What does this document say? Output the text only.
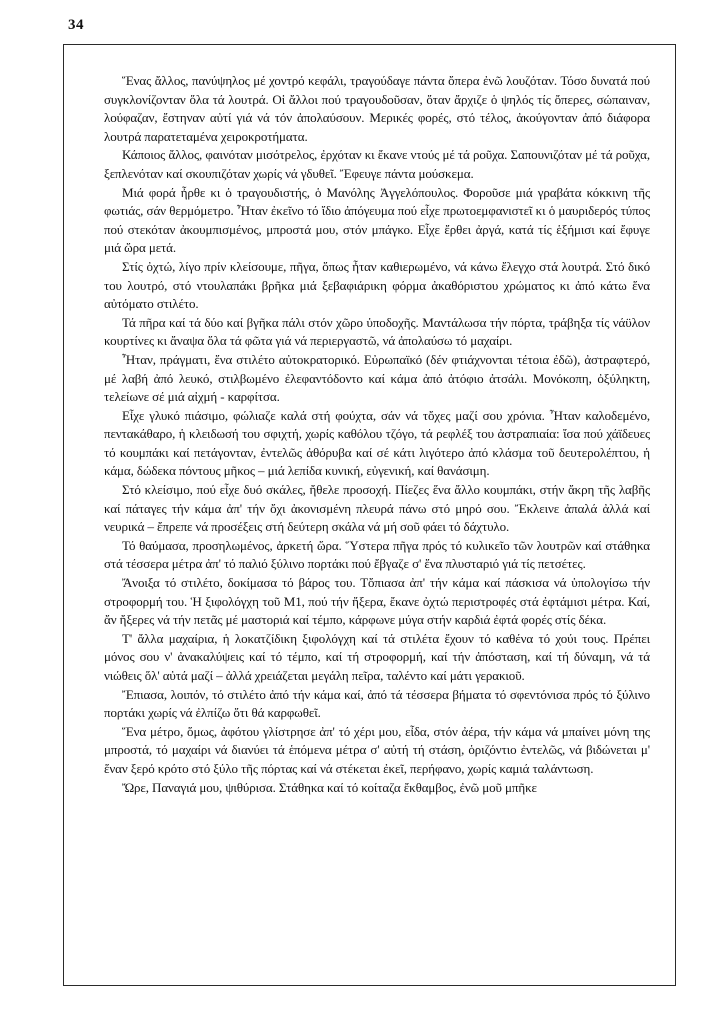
34

Ἕνας ἄλλος, πανύψηλος μέ χοντρό κεφάλι, τραγούδαγε πάντα ὄπερα ἐνῶ λουζόταν. Τόσο δυνατά πού συγκλονίζονταν ὅλα τά λουτρά. Οἱ ἄλλοι πού τραγουδοῦσαν, ὅταν ἄρχιζε ὁ ψηλός τίς ὄπερες, σώπαιναν, λούφαζαν, ἔστηναν αὐτί γιά νά τόν ἀπολαύσουν. Μερικές φορές, στό τέλος, ἀκούγονταν ἀπό διάφορα λουτρά παρατεταμένα χειροκροτήματα.

Κάποιος ἄλλος, φαινόταν μισότρελος, ἐρχόταν κι ἔκανε ντούς μέ τά ροῦχα. Σαπουνιζόταν μέ τά ροῦχα, ξεπλενόταν καί σκουπιζόταν χωρίς νά γδυθεῖ. Ἔφευγε πάντα μούσκεμα.

Μιά φορά ἦρθε κι ὁ τραγουδιστής, ὁ Μανόλης Ἀγγελόπουλος. Φοροῦσε μιά γραβάτα κόκκινη τῆς φωτιάς, σάν θερμόμετρο. Ἦταν ἐκεῖνο τό ἴδιο ἀπόγευμα πού εἶχε πρωτοεμφανιστεῖ κι ὁ μαυριδερός τύπος πού στεκόταν ἀκουμπισμένος, μπροστά μου, στόν μπάγκο. Εἶχε ἔρθει ἀργά, κατά τίς ἑξήμισι καί ἔφυγε μιά ὥρα μετά.

Στίς ὀχτώ, λίγο πρίν κλείσουμε, πῆγα, ὅπως ἦταν καθιερωμένο, νά κάνω ἔλεγχο στά λουτρά. Στό δικό του λουτρό, στό ντουλαπάκι βρῆκα μιά ξεβαφιάρικη φόρμα ἀκαθόριστου χρώματος κι ἀπό κάτω ἕνα αὐτόματο στιλέτο.

Τά πῆρα καί τά δύο καί βγῆκα πάλι στόν χῶρο ὑποδοχῆς. Μαντάλωσα τήν πόρτα, τράβηξα τίς νάϋλον κουρτίνες κι ἄναψα ὅλα τά φῶτα γιά νά περιεργαστῶ, νά ἀπολαύσω τό μαχαίρι.

Ἦταν, πράγματι, ἕνα στιλέτο αὐτοκρατορικό. Εὐρωπαϊκό (δέν φτιάχνονται τέτοια ἐδῶ), ἀστραφτερό, μέ λαβή ἀπό λευκό, στιλβωμένο ἐλεφαντόδοντο καί κάμα ἀπό ἀτόφιο ἀτσάλι. Μονόκοπη, ὀξύληκτη, τελείωνε σέ μιά αἰχμή - καρφίτσα.

Εἶχε γλυκό πιάσιμο, φώλιαζε καλά στή φούχτα, σάν νά τὄχες μαζί σου χρόνια. Ἦταν καλοδεμένο, πεντακάθαρο, ἡ κλειδωσή του σφιχτή, χωρίς καθόλου τζόγο, τά ρεφλέξ του ἀστραπιαία: ἴσα πού χάϊδευες τό κουμπάκι καί πετάγονταν, ἐντελῶς ἀθόρυβα καί σέ κάτι λιγότερο ἀπό κλάσμα τοῦ δευτερολέπτου, ἡ κάμα, δώδεκα πόντους μῆκος – μιά λεπίδα κυνική, εὐγενική, καί θανάσιμη.

Στό κλείσιμο, πού εἶχε δυό σκάλες, ἤθελε προσοχή. Πίεζες ἕνα ἄλλο κουμπάκι, στήν ἄκρη τῆς λαβῆς καί πάταγες τήν κάμα ἀπ' τήν ὄχι ἀκονισμένη πλευρά πάνω στό μηρό σου. Ἔκλεινε ἀπαλά ἀλλά καί νευρικά – ἔπρεπε νά προσέξεις στή δεύτερη σκάλα νά μή σοῦ φάει τό δάχτυλο.

Τό θαύμασα, προσηλωμένος, ἀρκετή ὥρα. Ὕστερα πῆγα πρός τό κυλικεῖο τῶν λουτρῶν καί στάθηκα στά τέσσερα μέτρα ἀπ' τό παλιό ξύλινο πορτάκι πού ἔβγαζε σ' ἕνα πλυσταριό γιά τίς πετσέτες.

Ἄνοιξα τό στιλέτο, δοκίμασα τό βάρος του. Τὄπιασα ἀπ' τήν κάμα καί πάσκισα νά ὑπολογίσω τήν στροφορμή του. Ἡ ξιφολόγχη τοῦ Μ1, πού τήν ἤξερα, ἔκανε ὀχτώ περιστροφές στά ἐφτάμισι μέτρα. Καί, ἄν ἤξερες νά τήν πετᾶς μέ μαστοριά καί τέμπο, κάρφωνε μύγα στήν καρδιά ἐφτά φορές στίς δέκα.

Τ' ἄλλα μαχαίρια, ἡ λοκατζίδικη ξιφολόγχη καί τά στιλέτα ἔχουν τό καθένα τό χούι τους. Πρέπει μόνος σου ν' ἀνακαλύψεις καί τό τέμπο, καί τή στροφορμή, καί τήν ἀπόσταση, καί τή δύναμη, νά τά νιώθεις ὅλ' αὐτά μαζί – ἀλλά χρειάζεται μεγάλη πεῖρα, ταλέντο καί μάτι γερακιοῦ.

Ἔπιασα, λοιπόν, τό στιλέτο ἀπό τήν κάμα καί, ἀπό τά τέσσερα βήματα τό σφεντόνισα πρός τό ξύλινο πορτάκι χωρίς νά ἐλπίζω ὅτι θά καρφωθεῖ.

Ἕνα μέτρο, ὅμως, ἀφότου γλίστρησε ἀπ' τό χέρι μου, εἶδα, στόν ἀέρα, τήν κάμα νά μπαίνει μόνη της μπροστά, τό μαχαίρι νά διανύει τά ἑπόμενα μέτρα σ' αὐτή τή στάση, ὁριζόντιο ἐντελῶς, νά βιδώνεται μ' ἕναν ξερό κρότο στό ξύλο τῆς πόρτας καί νά στέκεται ἐκεῖ, περήφανο, χωρίς καμιά ταλάντωση.

Ὤρε, Παναγιά μου, ψιθύρισα. Στάθηκα καί τό κοίταζα ἔκθαμβος, ἐνῶ μοῦ μπῆκε
